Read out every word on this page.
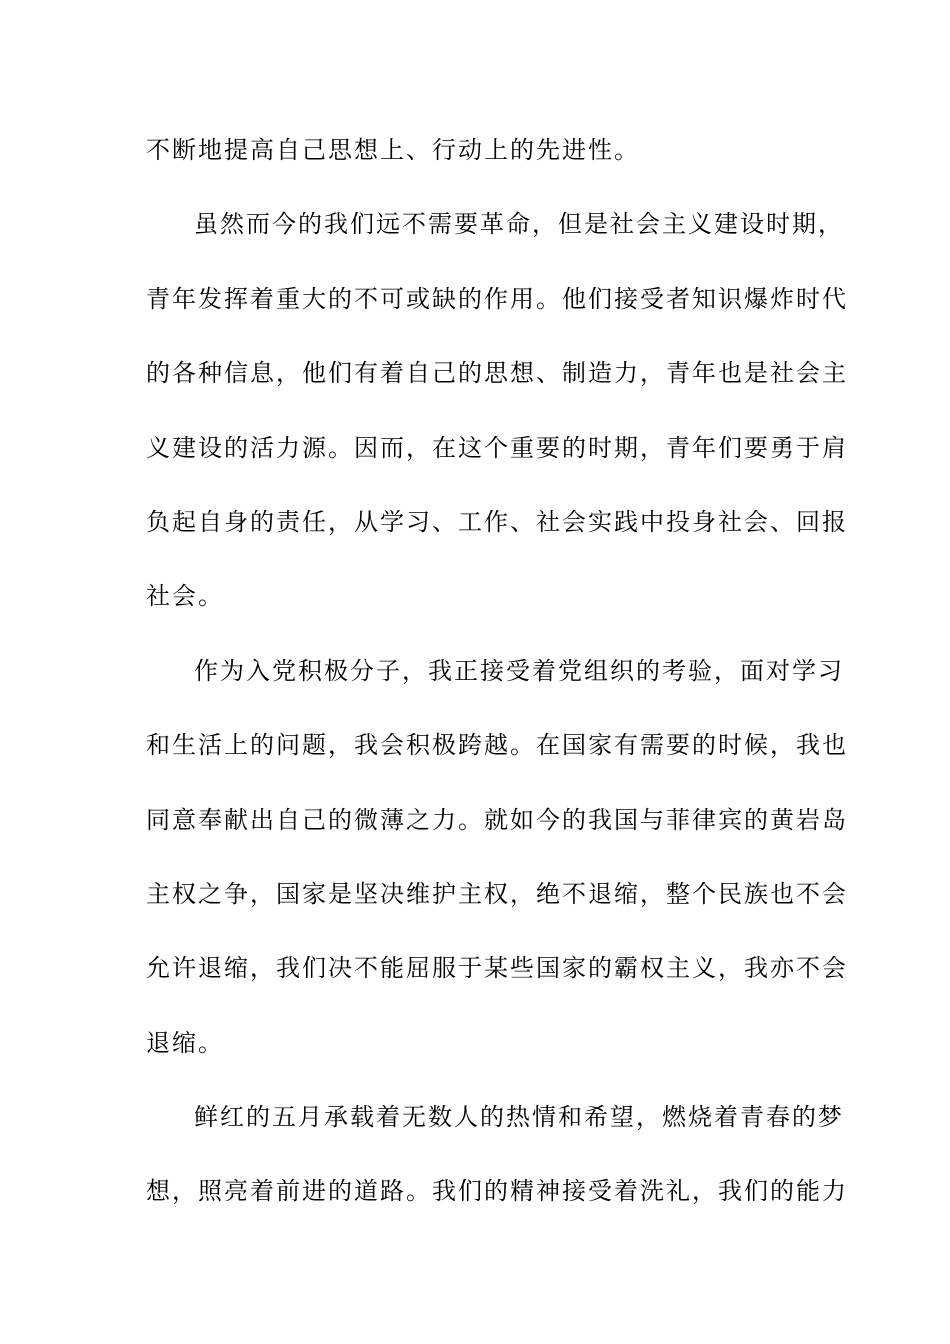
不断地提高自己思想上、行动上的先进性。
虽然而今的我们远不需要革命，但是社会主义建设时期，
青年发挥着重大的不可或缺的作用。他们接受者知识爆炸时代
的各种信息，他们有着自己的思想、制造力，青年也是社会主
义建设的活力源。因而，在这个重要的时期，青年们要勇于肩
负起自身的责任，从学习、工作、社会实践中投身社会、回报
社会。
作为入党积极分子，我正接受着党组织的考验，面对学习
和生活上的问题，我会积极跨越。在国家有需要的时候，我也
同意奉献出自己的微薄之力。就如今的我国与菲律宾的黄岩岛
主权之争，国家是坚决维护主权，绝不退缩，整个民族也不会
允许退缩，我们决不能屈服于某些国家的霸权主义，我亦不会
退缩。
鲜红的五月承载着无数人的热情和希望，燃烧着青春的梦
想，照亮着前进的道路。我们的精神接受着洗礼，我们的能力
